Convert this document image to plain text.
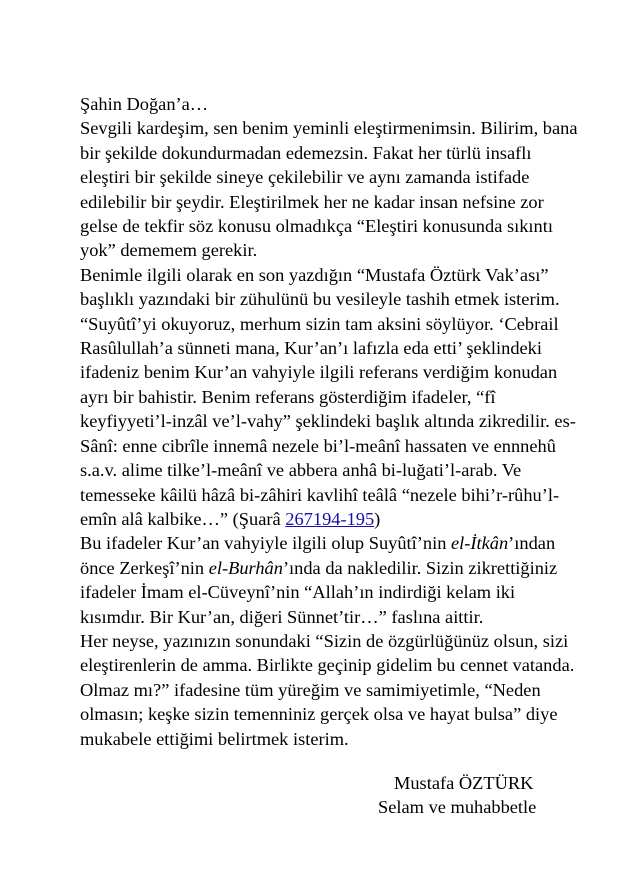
Şahin Doğan’a…

Sevgili kardeşim, sen benim yeminli eleştirmenimsin. Bilirim, bana bir şekilde dokundurmadan edemezsin. Fakat her türlü insaflı eleştiri bir şekilde sineye çekilebilir ve aynı zamanda istifade edilebilir bir şeydir. Eleştirilmek her ne kadar insan nefsine zor gelse de tekfir söz konusu olmadıkça “Eleştiri konusunda sıkıntı yok” dememem gerekir.

Benimle ilgili olarak en son yazdığın “Mustafa Öztürk Vak’ası” başlıklı yazındaki bir zühulünü bu vesileyle tashih etmek isterim. “Suyûtî’yi okuyoruz, merhum sizin tam aksini söylüyor. ‘Cebrail Rasûlullah’a sünneti mana, Kur’an’ı lafızla eda etti’ şeklindeki ifadeniz benim Kur’an vahyiyle ilgili referans verdiğim konudan ayrı bir bahistir. Benim referans gösterdiğim ifadeler, “fî keyfiyyeti’l-inzâl ve’l-vahy” şeklindeki başlık altında zikredilir. es-Sânî: enne cibrîle innemâ nezele bi’l-meânî hassaten ve ennnehû s.a.v. alime tilke’l-meânî ve abbera anhâ bi-luğati’l-arab. Ve temesseke kâilü hâzâ bi-zâhiri kavlihî teâlâ “nezele bihi’r-rûhu’l-emîn alâ kalbike…” (Şuarâ 267194-195)

Bu ifadeler Kur’an vahyiyle ilgili olup Suyûtî’nin el-İtkân’ından önce Zerkeşî’nin el-Burhân’ında da nakledilir. Sizin zikrettiğiniz ifadeler İmam el-Cüveynî’nin “Allah’ın indirdiği kelam iki kısımdır. Bir Kur’an, diğeri Sünnet’tir…” faslına aittir.

Her neyse, yazınızın sonundaki “Sizin de özgürlüğünüz olsun, sizi eleştirenlerin de amma. Birlikte geçinip gidelim bu cennet vatanda. Olmaz mı?” ifadesine tüm yüreğim ve samimiyetimle, “Neden olmasın; keşke sizin temenniniz gerçek olsa ve hayat bulsa” diye mukabele ettiğimi belirtmek isterim.

Mustafa ÖZTÜRK
Selam ve muhabbetle
